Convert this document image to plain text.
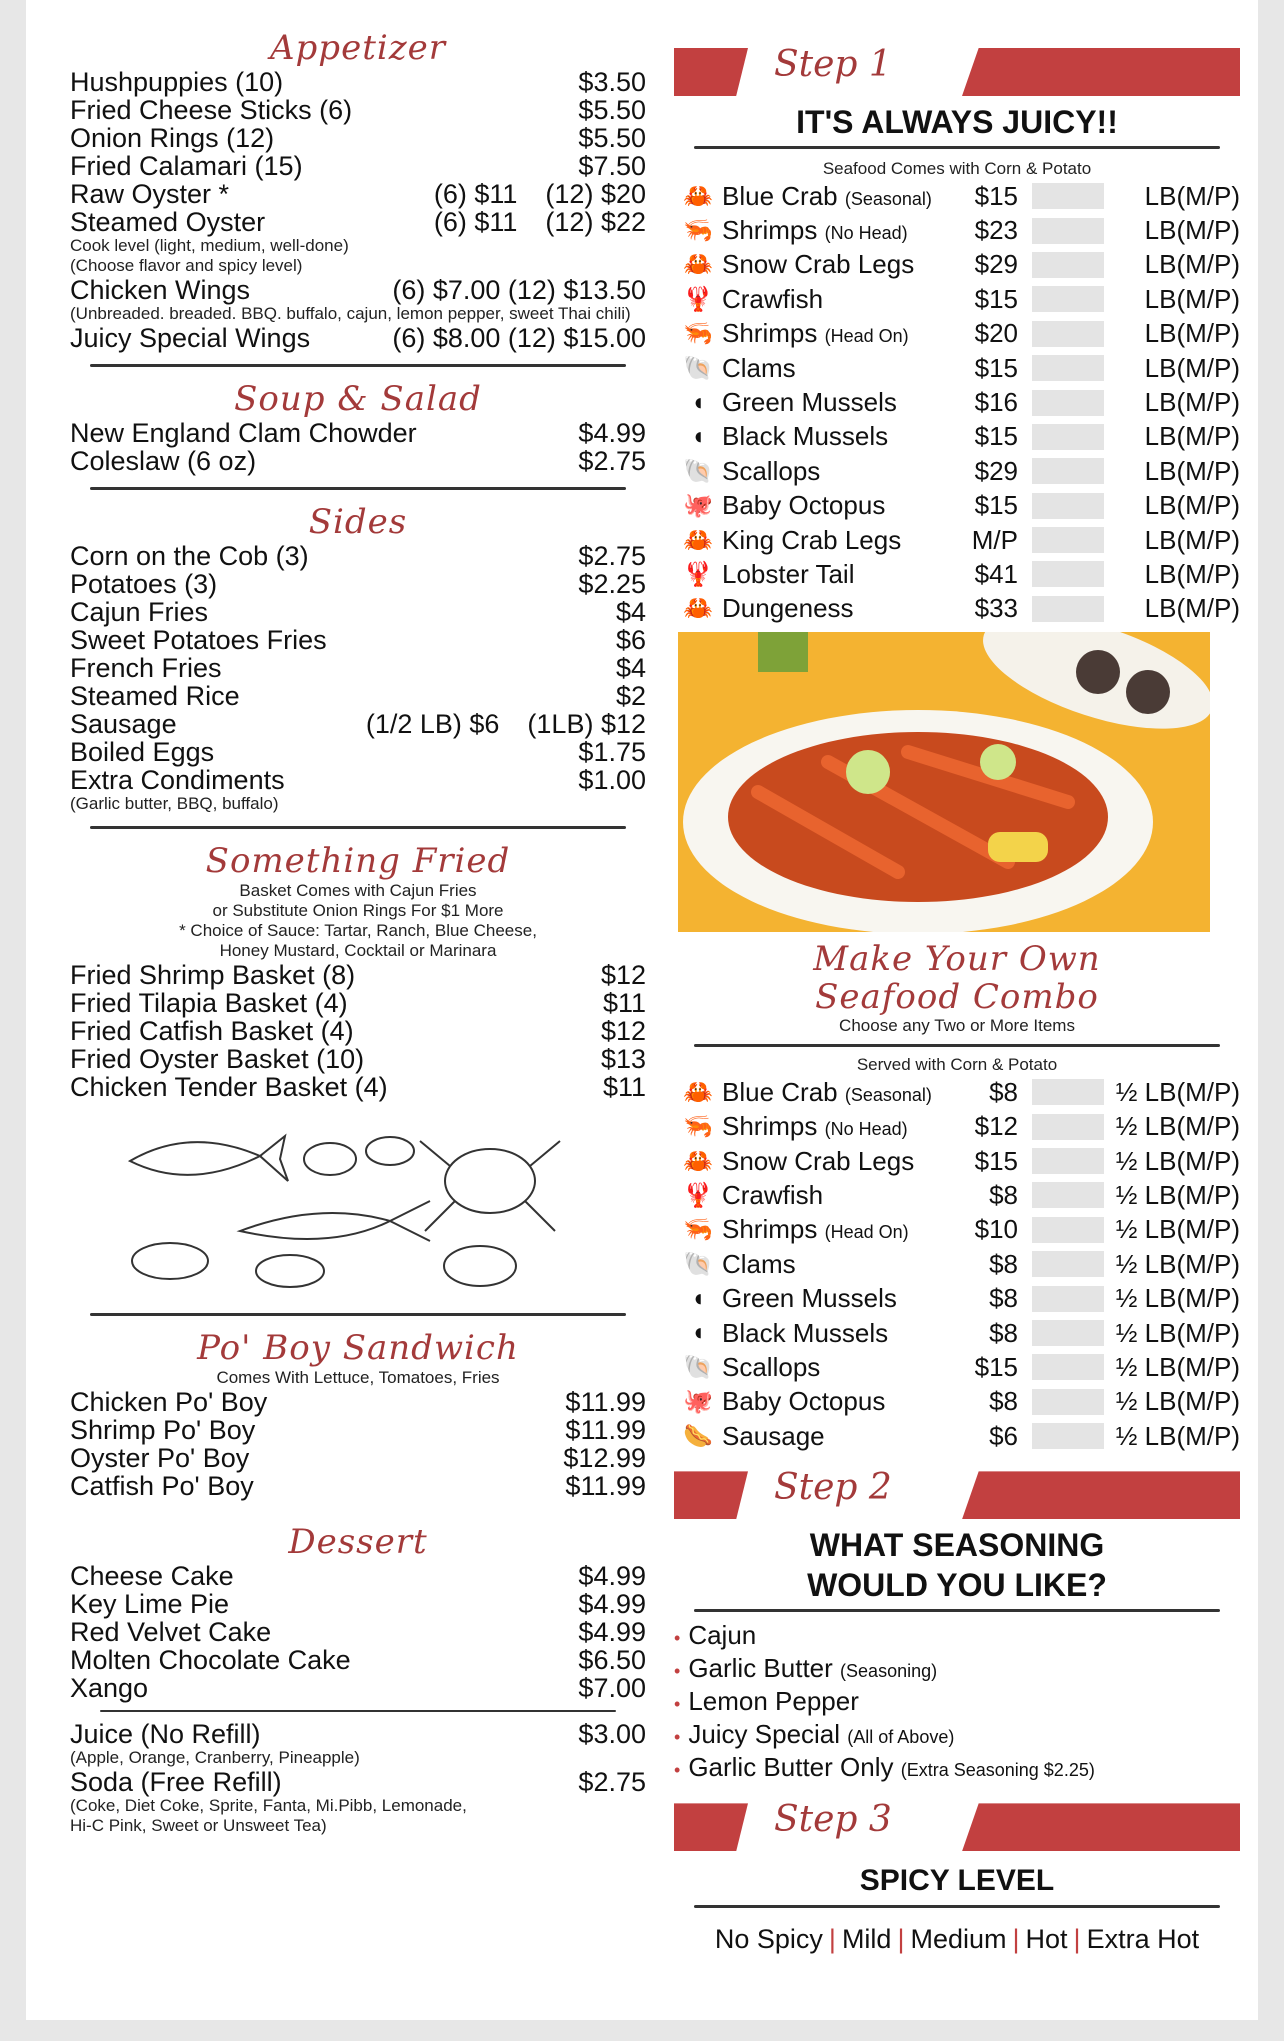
Appetizer
Hushpuppies (10)	$3.50
Fried Cheese Sticks (6)	$5.50
Onion Rings (12)	$5.50
Fried Calamari (15)	$7.50
Raw Oyster *	(6) $11	(12) $20
Steamed Oyster	(6) $11	(12) $22
Cook level (light, medium, well-done)
(Choose flavor and spicy level)
Chicken Wings	(6) $7.00 (12) $13.50
(Unbreaded. breaded. BBQ. buffalo, cajun, lemon pepper, sweet Thai chili)
Juicy Special Wings	(6) $8.00 (12) $15.00
Soup & Salad
New England Clam Chowder	$4.99
Coleslaw (6 oz)	$2.75
Sides
Corn on the Cob (3)	$2.75
Potatoes (3)	$2.25
Cajun Fries	$4
Sweet Potatoes Fries	$6
French Fries	$4
Steamed Rice	$2
Sausage	(1/2 LB) $6	(1LB) $12
Boiled Eggs	$1.75
Extra Condiments	$1.00
(Garlic butter, BBQ, buffalo)
Something Fried
Basket Comes with Cajun Fries
or Substitute Onion Rings For $1 More
* Choice of Sauce: Tartar, Ranch, Blue Cheese,
Honey Mustard, Cocktail or Marinara
Fried Shrimp Basket (8)	$12
Fried Tilapia Basket (4)	$11
Fried Catfish Basket (4)	$12
Fried Oyster Basket (10)	$13
Chicken Tender Basket (4)	$11
Po' Boy Sandwich
Comes With Lettuce, Tomatoes, Fries
Chicken Po' Boy	$11.99
Shrimp Po' Boy	$11.99
Oyster Po' Boy	$12.99
Catfish Po' Boy	$11.99
Dessert
Cheese Cake	$4.99
Key Lime Pie	$4.99
Red Velvet Cake	$4.99
Molten Chocolate Cake	$6.50
Xango	$7.00
Juice (No Refill)	$3.00
(Apple, Orange, Cranberry, Pineapple)
Soda (Free Refill)	$2.75
(Coke, Diet Coke, Sprite, Fanta, Mi.Pibb, Lemonade,
Hi-C Pink, Sweet or Unsweet Tea)
Step 1
IT'S ALWAYS JUICY!!
Seafood Comes with Corn & Potato
🦀 Blue Crab (Seasonal)	$15	LB(M/P)
🦐 Shrimps (No Head)	$23	LB(M/P)
🦀 Snow Crab Legs	$29	LB(M/P)
🦞 Crawfish	$15	LB(M/P)
🦐 Shrimps (Head On)	$20	LB(M/P)
🐚 Clams	$15	LB(M/P)
◖ Green Mussels	$16	LB(M/P)
◖ Black Mussels	$15	LB(M/P)
🐚 Scallops	$29	LB(M/P)
🐙 Baby Octopus	$15	LB(M/P)
🦀 King Crab Legs	M/P	LB(M/P)
🦞 Lobster Tail	$41	LB(M/P)
🦀 Dungeness	$33	LB(M/P)
Make Your Own
Seafood Combo
Choose any Two or More Items
Served with Corn & Potato
🦀 Blue Crab (Seasonal)	$8	½ LB(M/P)
🦐 Shrimps (No Head)	$12	½ LB(M/P)
🦀 Snow Crab Legs	$15	½ LB(M/P)
🦞 Crawfish	$8	½ LB(M/P)
🦐 Shrimps (Head On)	$10	½ LB(M/P)
🐚 Clams	$8	½ LB(M/P)
◖ Green Mussels	$8	½ LB(M/P)
◖ Black Mussels	$8	½ LB(M/P)
🐚 Scallops	$15	½ LB(M/P)
🐙 Baby Octopus	$8	½ LB(M/P)
🌭 Sausage	$6	½ LB(M/P)
Step 2
WHAT SEASONING
WOULD YOU LIKE?
• Cajun
• Garlic Butter (Seasoning)
• Lemon Pepper
• Juicy Special (All of Above)
• Garlic Butter Only (Extra Seasoning $2.25)
Step 3
SPICY LEVEL
No Spicy | Mild | Medium | Hot | Extra Hot
